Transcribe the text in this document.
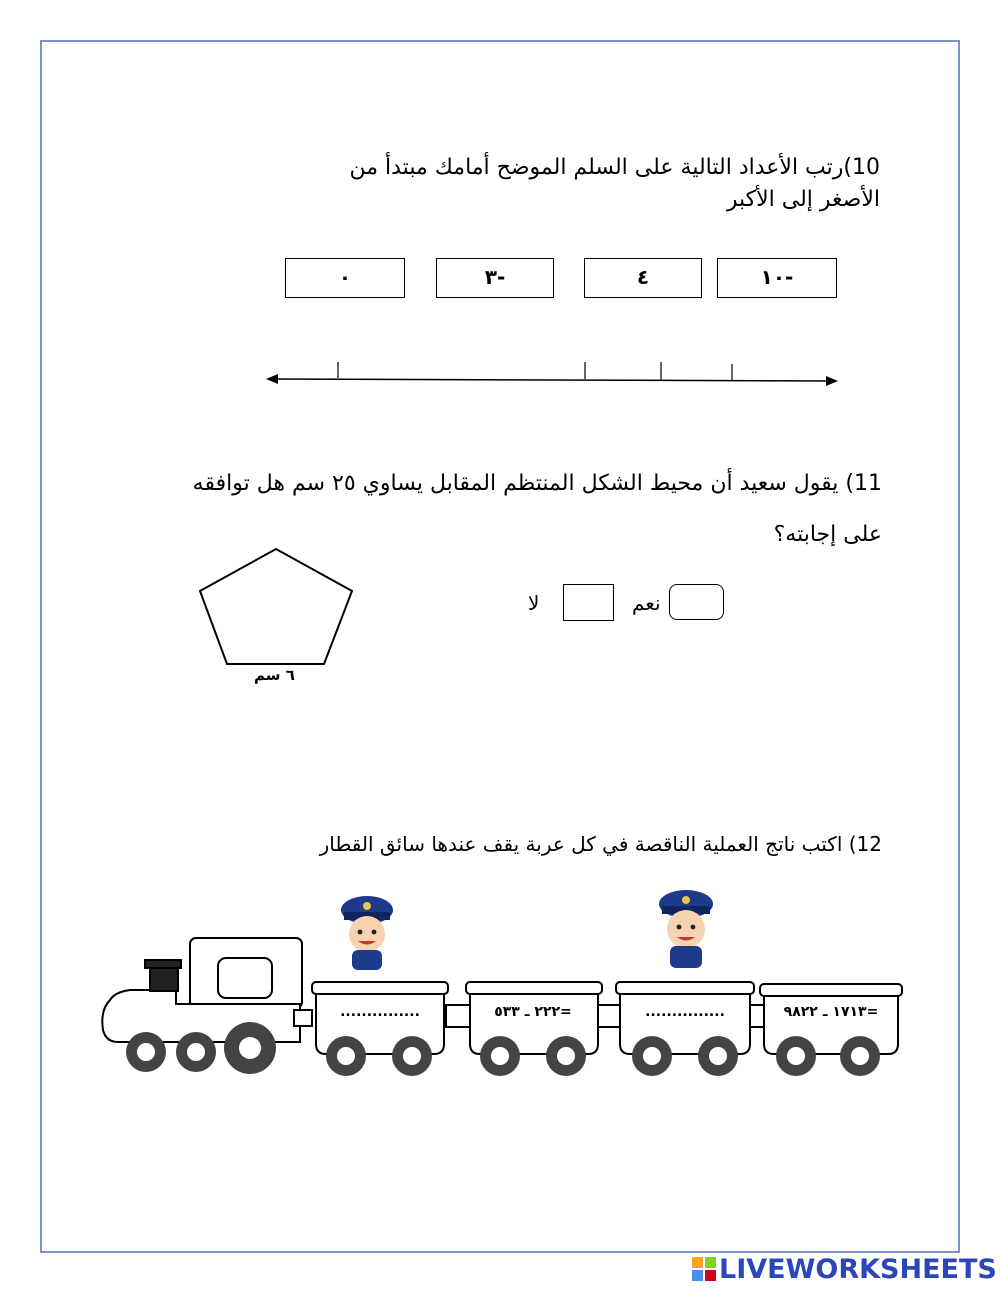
10)رتب الأعداد التالية على السلم الموضح أمامك مبتدأ من
الأصغر إلى الأكبر
٠	٣-	٤	١٠-
11) يقول سعيد أن محيط الشكل المنتظم المقابل يساوي ٢٥ سم هل توافقه
على إجابته؟
٦ سم
نعم
لا
12) اكتب ناتج العملية الناقصة في كل عربة يقف عندها سائق القطار
...............	=٢٢٢ ـ ٥٣٣	...............	=١٧١٣ ـ ٩٨٢٢
LIVEWORKSHEETS
